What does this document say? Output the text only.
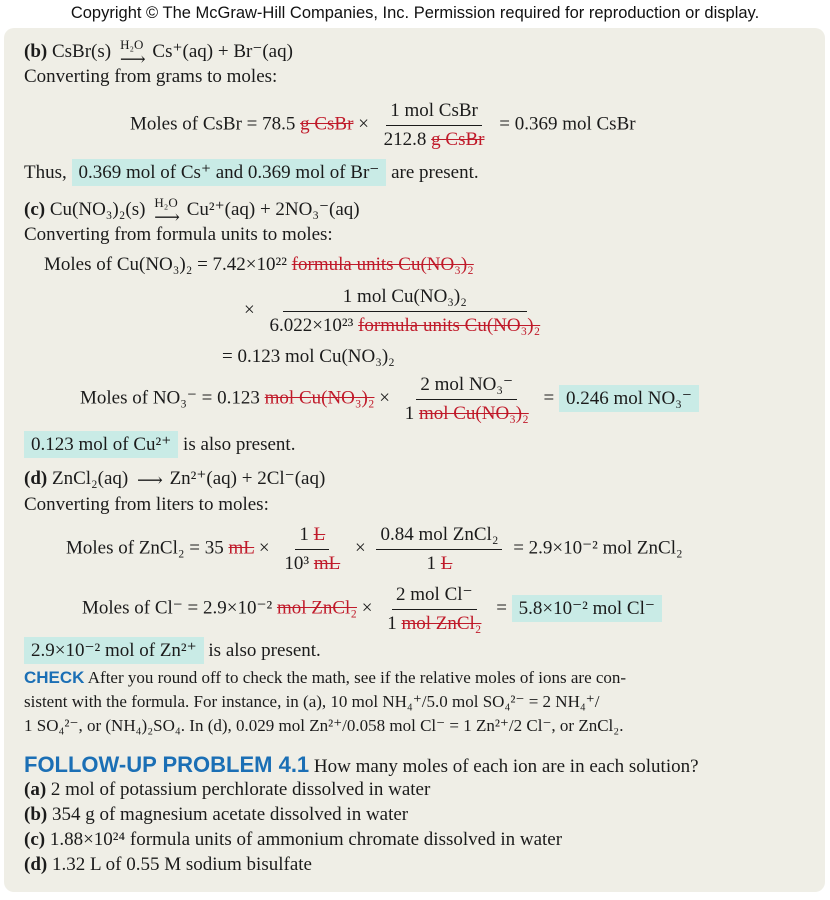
Copyright © The McGraw-Hill Companies, Inc. Permission required for reproduction or display.
(b) CsBr(s) H₂O
⟶ Cs⁺(aq) + Br⁻(aq)
Converting from grams to moles:
Moles of CsBr = 78.5 g CsBr × $\frac{\text{1 mol CsBr}}{\text{212.8 g CsBr}} = 0.369$ mol CsBr
Thus, 0.369 mol of Cs⁺ and 0.369 mol of Br⁻ are present.
(c) Cu(NO₃)₂(s) H₂O
⟶ Cu²⁺(aq) + 2NO₃⁻(aq)
Converting from formula units to moles:
Moles of Cu(NO₃)₂ = 7.42×10²² formula units Cu(NO₃)₂
× $\frac{\text{1 mol Cu(NO₃)₂}}{\text{6.022×10²³ formula units Cu(NO₃)₂}}$
= 0.123 mol Cu(NO₃)₂
Moles of NO₃⁻ = 0.123 mol $Cu(NO_3)_2 \times \frac{\text{2 mol NO₃⁻}}{\text{1 mol Cu(NO₃)₂}} = 0.246$ mol NO₃⁻
0.123 mol of Cu²⁺ is also present.
(d) ZnCl₂(aq) ⟶ Zn²⁺(aq) + 2Cl⁻(aq)
Converting from liters to moles:
Moles of ZnCl₂ = 35 mL × $\frac{1 L}{\text{10³ mL}} \times \frac{\text{0.84 mol ZnCl₂}}{1 L} = 2.9\times 10^{-2}$ mol ZnCl₂
Moles of Cl⁻ = 2.9×10⁻² mol ZnCl₂ × $\frac{\text{2 mol Cl⁻}}{\text{1 mol ZnCl₂}} = 5.8\times 10^{-2}$ mol Cl⁻
2.9×10⁻² mol of Zn²⁺ is also present.
CHECK After you round off to check the math, see if the relative moles of ions are con-
sistent with the formula. For instance, in (a), 10 mol NH₄⁺/5.0 mol SO₄²⁻ = 2 NH₄⁺/
1 SO₄²⁻, or (NH₄)₂SO₄. In (d), 0.029 mol Zn²⁺/0.058 mol Cl⁻ = 1 Zn²⁺/2 Cl⁻, or ZnCl₂.
FOLLOW-UP PROBLEM 4.1 How many moles of each ion are in each solution?
(a) 2 mol of potassium perchlorate dissolved in water
(b) 354 g of magnesium acetate dissolved in water
(c) 1.88×10²⁴ formula units of ammonium chromate dissolved in water
(d) 1.32 L of 0.55 M sodium bisulfate
